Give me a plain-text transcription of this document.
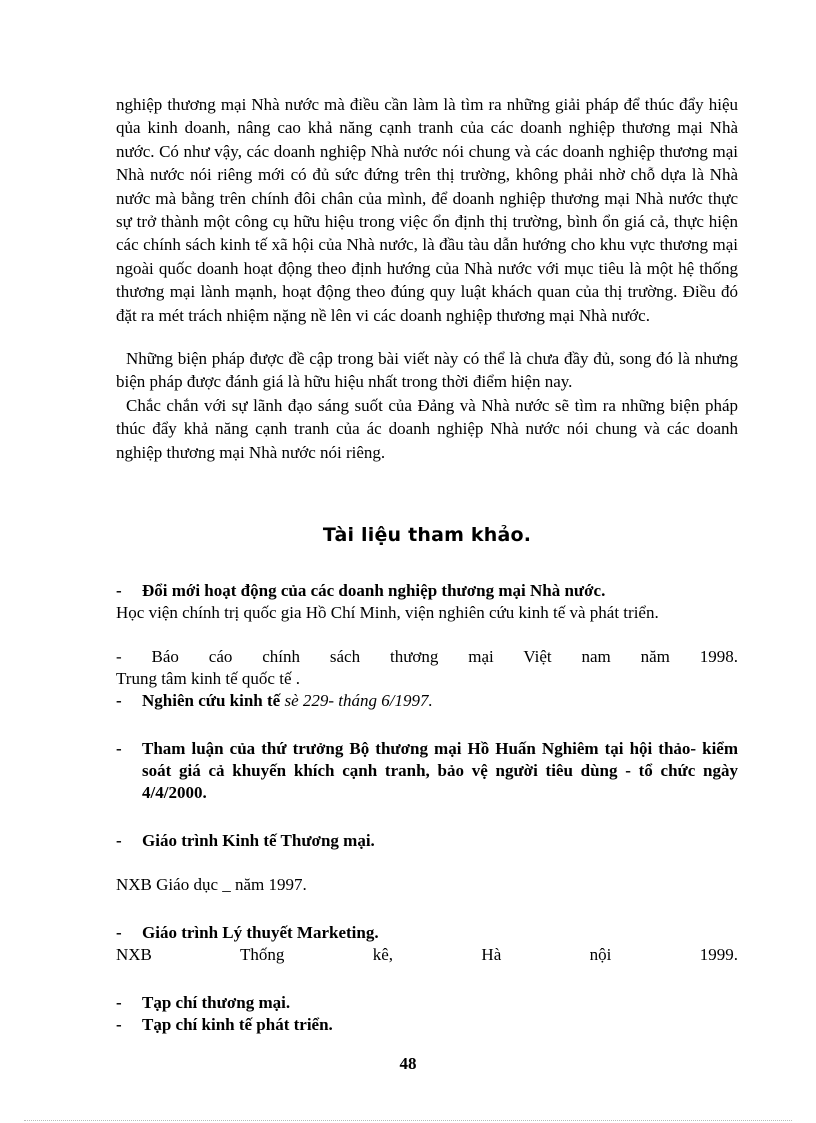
nghiệp thương mại Nhà nước mà điều cần làm là tìm ra những giải pháp để thúc đẩy hiệu qủa kinh doanh, nâng cao khả năng cạnh tranh của các doanh nghiệp thương mại Nhà nước. Có như vậy, các doanh nghiệp Nhà nước nói chung và các doanh nghiệp thương mại Nhà nước nói riêng mới có đủ sức đứng trên thị trường, không phải nhờ chỗ dựa là Nhà nước mà bằng trên chính đôi chân của mình, để doanh nghiệp thương mại Nhà nước thực sự trở thành một công cụ hữu hiệu trong việc ổn định thị trường, bình ổn giá cả, thực hiện các chính sách kinh tế xã hội của Nhà nước, là đầu tàu dẫn hướng cho khu vực thương mại ngoài quốc doanh hoạt động theo định hướng của Nhà nước với mục tiêu là một hệ thống thương mại lành mạnh, hoạt động theo đúng quy luật khách quan của thị trường. Điều đó đặt ra mét trách nhiệm nặng nề lên vi các doanh nghiệp thương mại Nhà nước.

Những biện pháp được đề cập trong bài viết này có thể là chưa đầy đủ, song đó là nhưng biện pháp được đánh giá là hữu hiệu nhất trong thời điểm hiện nay.

Chắc chắn với sự lãnh đạo sáng suốt của Đảng và Nhà nước sẽ tìm ra những biện pháp thúc đẩy khả năng cạnh tranh của ác doanh nghiệp Nhà nước nói chung và các doanh nghiệp thương mại Nhà nước nói riêng.

Tài liệu tham khảo.

- Đổi mới hoạt động của các doanh nghiệp thương mại Nhà nước.

Học viện chính trị quốc gia Hồ Chí Minh, viện nghiên cứu kinh tế và phát triển.

- Báo cáo chính sách thương mại Việt nam năm 1998.

Trung tâm kinh tế quốc tế .

- Nghiên cứu kinh tế sè 229- tháng 6/1997.

-	Tham luận của thứ trưởng Bộ thương mại Hồ Huấn Nghiêm tại hội thảo- kiểm soát giá cả khuyến khích cạnh tranh, bảo vệ người tiêu dùng - tổ chức ngày 4/4/2000.

- Giáo trình Kinh tế Thương mại.

NXB Giáo dục _ năm 1997.

- Giáo trình Lý thuyết Marketing.

NXB Thống kê, Hà nội 1999.

- Tạp chí thương mại.

- Tạp chí kinh tế phát triển.

48
